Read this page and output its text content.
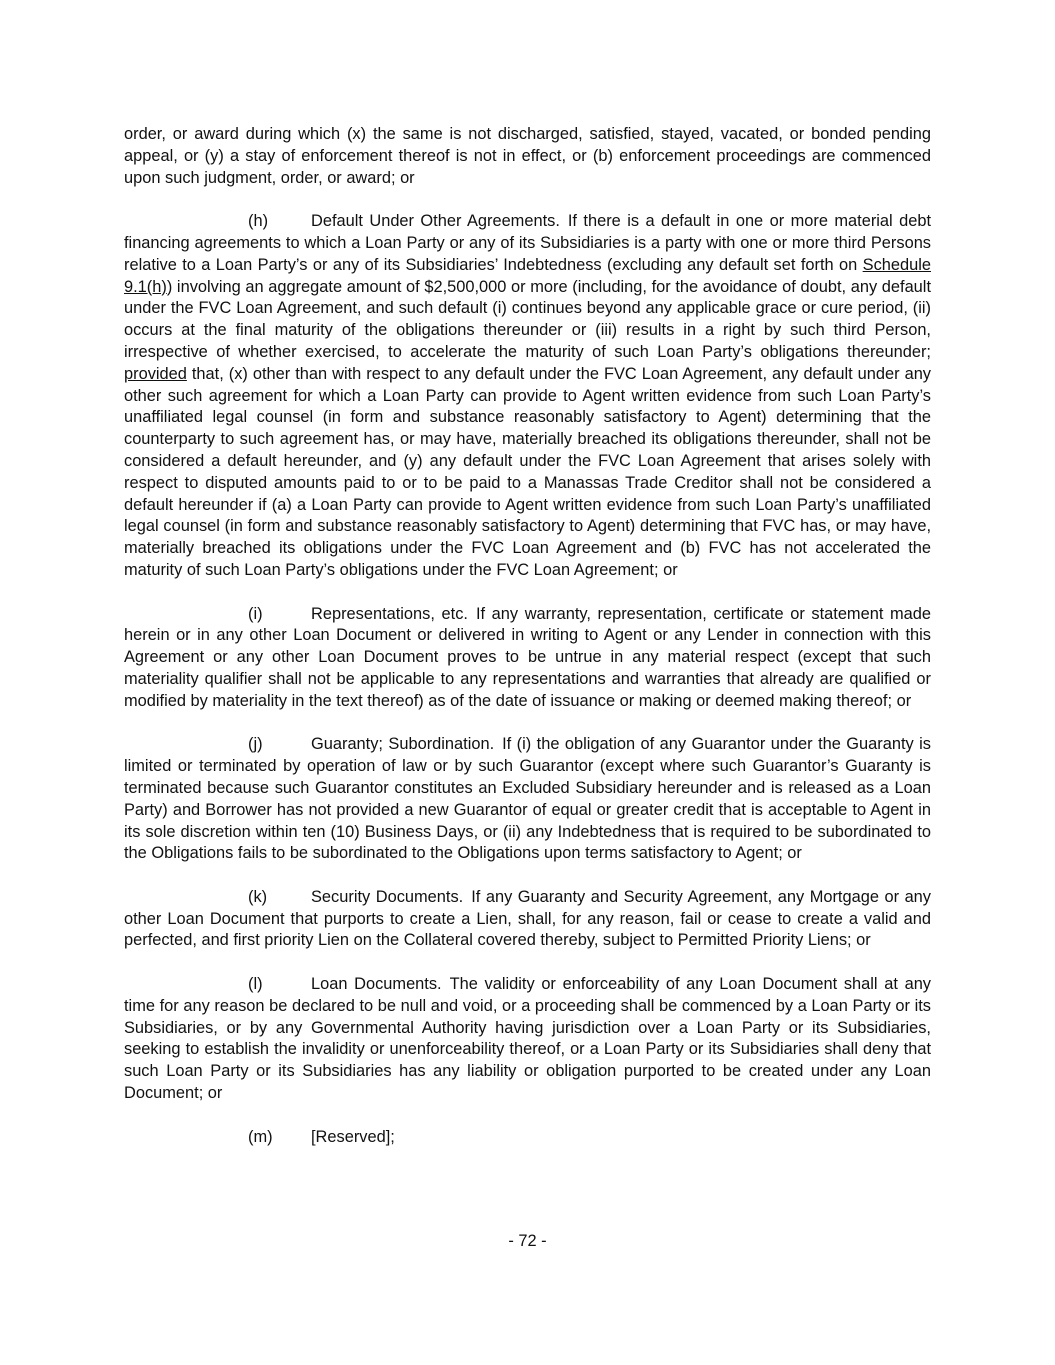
order, or award during which (x) the same is not discharged, satisfied, stayed, vacated, or bonded pending appeal, or (y) a stay of enforcement thereof is not in effect, or (b) enforcement proceedings are commenced upon such judgment, order, or award; or

(h)	Default Under Other Agreements. If there is a default in one or more material debt financing agreements to which a Loan Party or any of its Subsidiaries is a party with one or more third Persons relative to a Loan Party’s or any of its Subsidiaries’ Indebtedness (excluding any default set forth on Schedule 9.1(h)) involving an aggregate amount of $2,500,000 or more (including, for the avoidance of doubt, any default under the FVC Loan Agreement, and such default (i) continues beyond any applicable grace or cure period, (ii) occurs at the final maturity of the obligations thereunder or (iii) results in a right by such third Person, irrespective of whether exercised, to accelerate the maturity of such Loan Party’s obligations thereunder; provided that, (x) other than with respect to any default under the FVC Loan Agreement, any default under any other such agreement for which a Loan Party can provide to Agent written evidence from such Loan Party’s unaffiliated legal counsel (in form and substance reasonably satisfactory to Agent) determining that the counterparty to such agreement has, or may have, materially breached its obligations thereunder, shall not be considered a default hereunder, and (y) any default under the FVC Loan Agreement that arises solely with respect to disputed amounts paid to or to be paid to a Manassas Trade Creditor shall not be considered a default hereunder if (a) a Loan Party can provide to Agent written evidence from such Loan Party’s unaffiliated legal counsel (in form and substance reasonably satisfactory to Agent) determining that FVC has, or may have, materially breached its obligations under the FVC Loan Agreement and (b) FVC has not accelerated the maturity of such Loan Party’s obligations under the FVC Loan Agreement; or

(i)	Representations, etc. If any warranty, representation, certificate or statement made herein or in any other Loan Document or delivered in writing to Agent or any Lender in connection with this Agreement or any other Loan Document proves to be untrue in any material respect (except that such materiality qualifier shall not be applicable to any representations and warranties that already are qualified or modified by materiality in the text thereof) as of the date of issuance or making or deemed making thereof; or

(j)	Guaranty; Subordination. If (i) the obligation of any Guarantor under the Guaranty is limited or terminated by operation of law or by such Guarantor (except where such Guarantor’s Guaranty is terminated because such Guarantor constitutes an Excluded Subsidiary hereunder and is released as a Loan Party) and Borrower has not provided a new Guarantor of equal or greater credit that is acceptable to Agent in its sole discretion within ten (10) Business Days, or (ii) any Indebtedness that is required to be subordinated to the Obligations fails to be subordinated to the Obligations upon terms satisfactory to Agent; or

(k)	Security Documents. If any Guaranty and Security Agreement, any Mortgage or any other Loan Document that purports to create a Lien, shall, for any reason, fail or cease to create a valid and perfected, and first priority Lien on the Collateral covered thereby, subject to Permitted Priority Liens; or

(l)	Loan Documents. The validity or enforceability of any Loan Document shall at any time for any reason be declared to be null and void, or a proceeding shall be commenced by a Loan Party or its Subsidiaries, or by any Governmental Authority having jurisdiction over a Loan Party or its Subsidiaries, seeking to establish the invalidity or unenforceability thereof, or a Loan Party or its Subsidiaries shall deny that such Loan Party or its Subsidiaries has any liability or obligation purported to be created under any Loan Document; or

(m) [Reserved];

- 72 -
